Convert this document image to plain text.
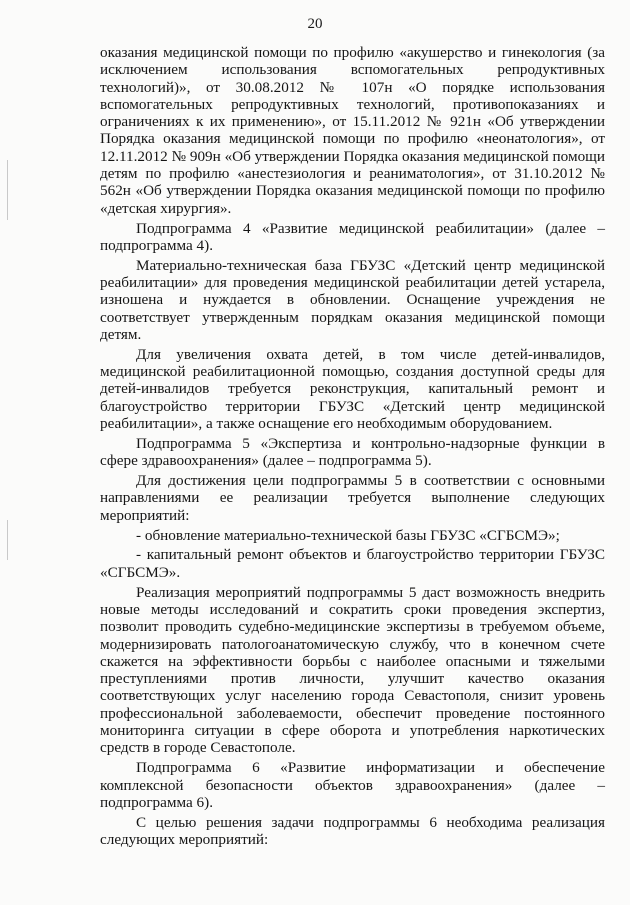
20

оказания медицинской помощи по профилю «акушерство и гинекология (за исключением использования вспомогательных репродуктивных технологий)», от 30.08.2012 № 107н «О порядке использования вспомогательных репродуктивных технологий, противопоказаниях и ограничениях к их применению», от 15.11.2012 № 921н «Об утверждении Порядка оказания медицинской помощи по профилю «неонатология», от 12.11.2012 № 909н «Об утверждении Порядка оказания медицинской помощи детям по профилю «анестезиология и реаниматология», от 31.10.2012 № 562н «Об утверждении Порядка оказания медицинской помощи по профилю «детская хирургия».

Подпрограмма 4 «Развитие медицинской реабилитации» (далее – подпрограмма 4).

Материально-техническая база ГБУЗС «Детский центр медицинской реабилитации» для проведения медицинской реабилитации детей устарела, изношена и нуждается в обновлении. Оснащение учреждения не соответствует утвержденным порядкам оказания медицинской помощи детям.

Для увеличения охвата детей, в том числе детей-инвалидов, медицинской реабилитационной помощью, создания доступной среды для детей-инвалидов требуется реконструкция, капитальный ремонт и благоустройство территории ГБУЗС «Детский центр медицинской реабилитации», а также оснащение его необходимым оборудованием.

Подпрограмма 5 «Экспертиза и контрольно-надзорные функции в сфере здравоохранения» (далее – подпрограмма 5).

Для достижения цели подпрограммы 5 в соответствии с основными направлениями ее реализации требуется выполнение следующих мероприятий:

- обновление материально-технической базы ГБУЗС «СГБСМЭ»;

- капитальный ремонт объектов и благоустройство территории ГБУЗС «СГБСМЭ».

Реализация мероприятий подпрограммы 5 даст возможность внедрить новые методы исследований и сократить сроки проведения экспертиз, позволит проводить судебно-медицинские экспертизы в требуемом объеме, модернизировать патологоанатомическую службу, что в конечном счете скажется на эффективности борьбы с наиболее опасными и тяжелыми преступлениями против личности, улучшит качество оказания соответствующих услуг населению города Севастополя, снизит уровень профессиональной заболеваемости, обеспечит проведение постоянного мониторинга ситуации в сфере оборота и употребления наркотических средств в городе Севастополе.

Подпрограмма 6 «Развитие информатизации и обеспечение комплексной безопасности объектов здравоохранения» (далее – подпрограмма 6).

С целью решения задачи подпрограммы 6 необходима реализация следующих мероприятий:
